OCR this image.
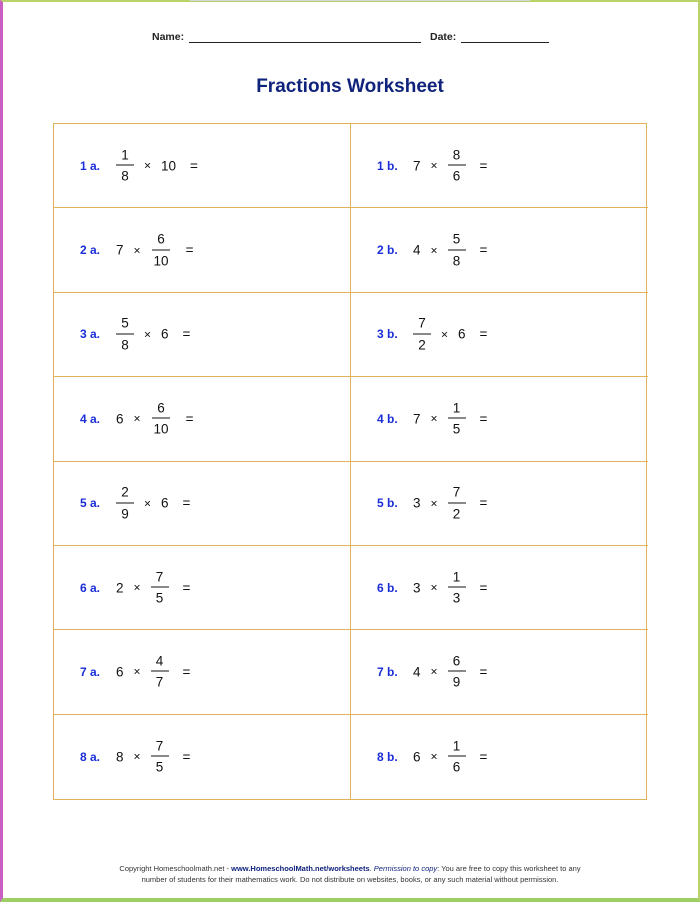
Name:	Date:
Fractions Worksheet
1 a. $\frac{1}{8} \times 10$ =	1 b. $7 \times \frac{8}{6}$ =
2 a. $7 \times \frac{6}{10}$ =	2 b. $4 \times \frac{5}{8}$ =
3 a. $\frac{5}{8} \times 6$ =	3 b. $\frac{7}{2} \times 6$ =
4 a. $6 \times \frac{6}{10}$ =	4 b. $7 \times \frac{1}{5}$ =
5 a. $\frac{2}{9} \times 6$ =	5 b. $3 \times \frac{7}{2}$ =
6 a. $2 \times \frac{7}{5}$ =	6 b. $3 \times \frac{1}{3}$ =
7 a. $6 \times \frac{4}{7}$ =	7 b. $4 \times \frac{6}{9}$ =
8 a. $8 \times \frac{7}{5}$ =	8 b. $6 \times \frac{1}{6}$ =
Copyright Homeschoolmath.net - www.HomeschoolMath.net/worksheets. Permission to copy: You are free to copy this worksheet to any
number of students for their mathematics work. Do not distribute on websites, books, or any such material without permission.
